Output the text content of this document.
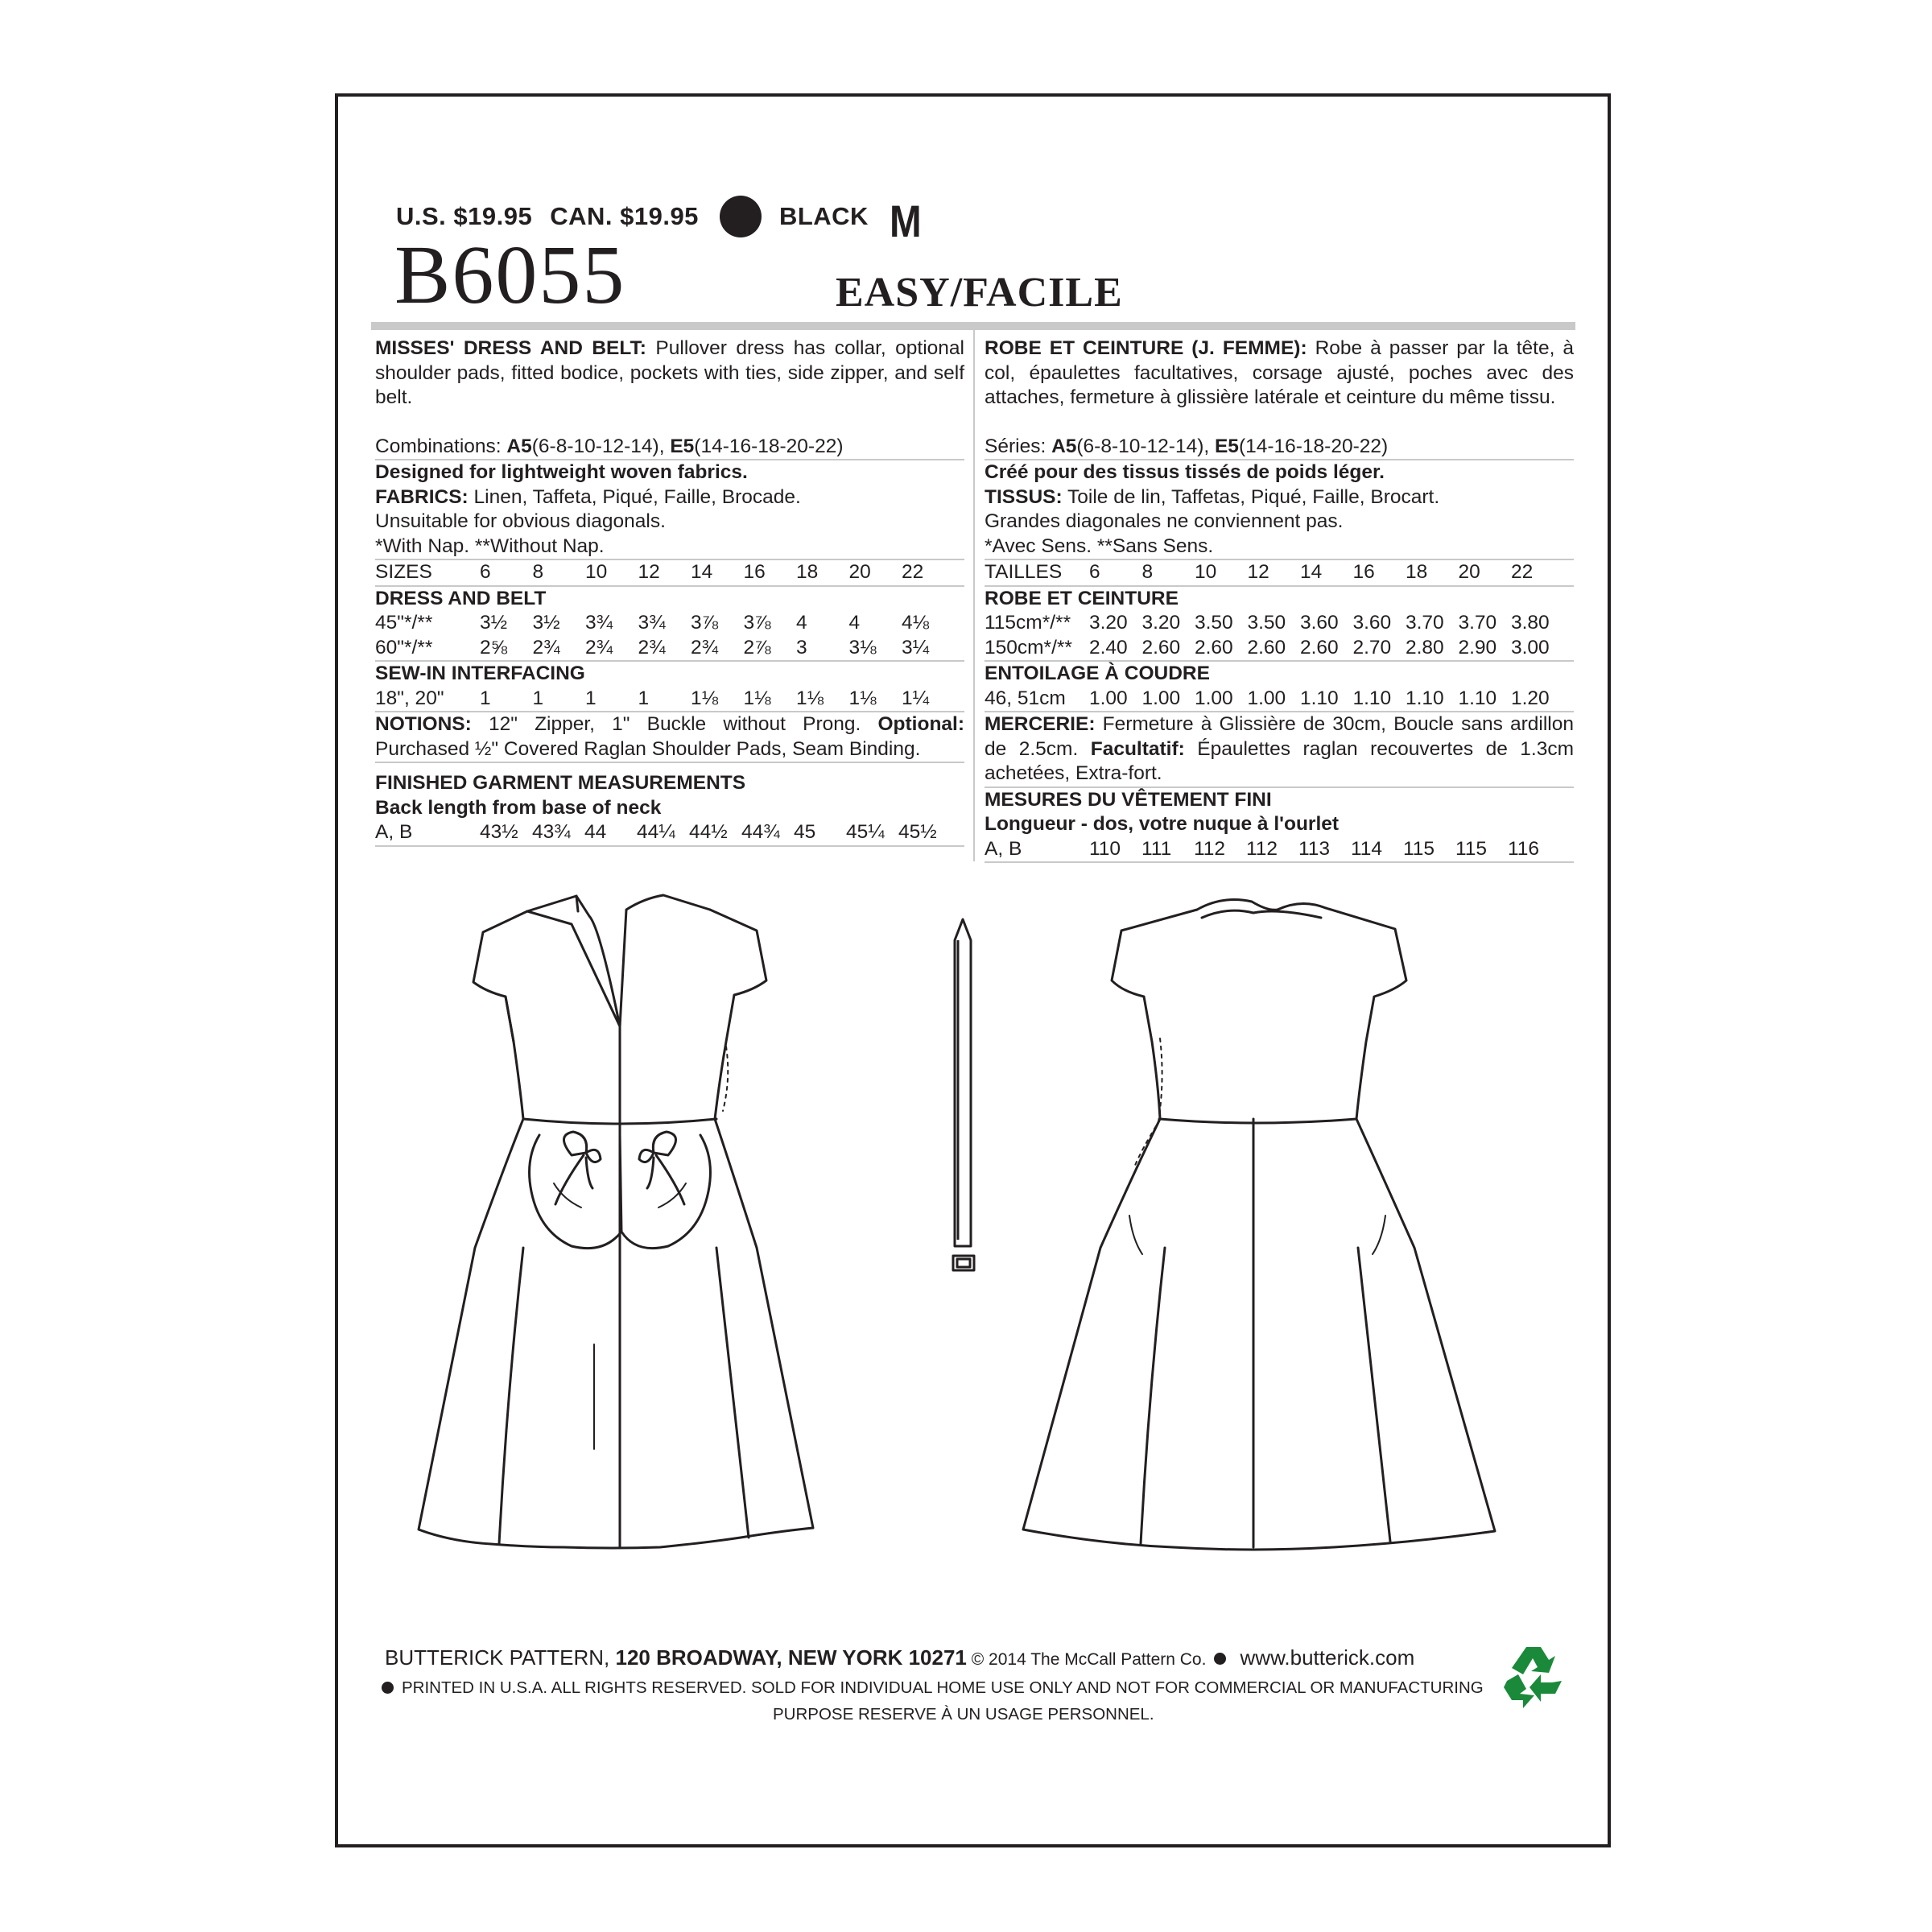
U.S. $19.95 CAN. $19.95	BLACK M
B6055	EASY/FACILE

MISSES' DRESS AND BELT: Pullover dress has collar, optional shoulder pads, fitted bodice, pockets with ties, side zipper, and self belt.

Combinations: A5(6-8-10-12-14), E5(14-16-18-20-22)

Designed for lightweight woven fabrics.

FABRICS: Linen, Taffeta, Piqué, Faille, Brocade.

Unsuitable for obvious diagonals.

*With Nap. **Without Nap.

SIZES	6	8	10	12	14	16	18	20	22

DRESS AND BELT

45"*/**	3½	3½	3¾	3¾	3⅞	3⅞	4	4	4⅛
60"*/**	2⅝	2¾	2¾	2¾	2¾	2⅞	3	3⅛	3¼

SEW-IN INTERFACING

18", 20"	1	1	1	1	1⅛	1⅛	1⅛	1⅛	1¼

NOTIONS: 12" Zipper, 1" Buckle without Prong. Optional: Purchased ½" Covered Raglan Shoulder Pads, Seam Binding.

FINISHED GARMENT MEASUREMENTS

Back length from base of neck

A, B	43½ 43¾ 44	44¼ 44½ 44¾ 45	45¼ 45½

ROBE ET CEINTURE (J. FEMME): Robe à passer par la tête, à col, épaulettes facultatives, corsage ajusté, poches avec des attaches, fermeture à glissière latérale et ceinture du même tissu.

Séries: A5(6-8-10-12-14), E5(14-16-18-20-22)

Créé pour des tissus tissés de poids léger.

TISSUS: Toile de lin, Taffetas, Piqué, Faille, Brocart.

Grandes diagonales ne conviennent pas.

*Avec Sens. **Sans Sens.

TAILLES	6	8	10	12	14	16	18	20	22

ROBE ET CEINTURE

115cm*/** 3.20 3.20 3.50 3.50 3.60 3.60 3.70 3.70 3.80
150cm*/** 2.40 2.60 2.60 2.60 2.60 2.70 2.80 2.90 3.00

ENTOILAGE À COUDRE

46, 51cm	1.00 1.00 1.00 1.00 1.10 1.10 1.10 1.10 1.20

MERCERIE: Fermeture à Glissière de 30cm, Boucle sans ardillon de 2.5cm. Facultatif: Épaulettes raglan recouvertes de 1.3cm achetées, Extra-fort.

MESURES DU VÊTEMENT FINI

Longueur - dos, votre nuque à l'ourlet

A, B	110	111	112	112	113	114	115	115	116
BUTTERICK PATTERN, 120 BROADWAY, NEW YORK 10271 © 2014 The McCall Pattern Co.  www.butterick.com
PRINTED IN U.S.A. ALL RIGHTS RESERVED. SOLD FOR INDIVIDUAL HOME USE ONLY AND NOT FOR COMMERCIAL OR MANUFACTURING
PURPOSE RESERVE À UN USAGE PERSONNEL.
